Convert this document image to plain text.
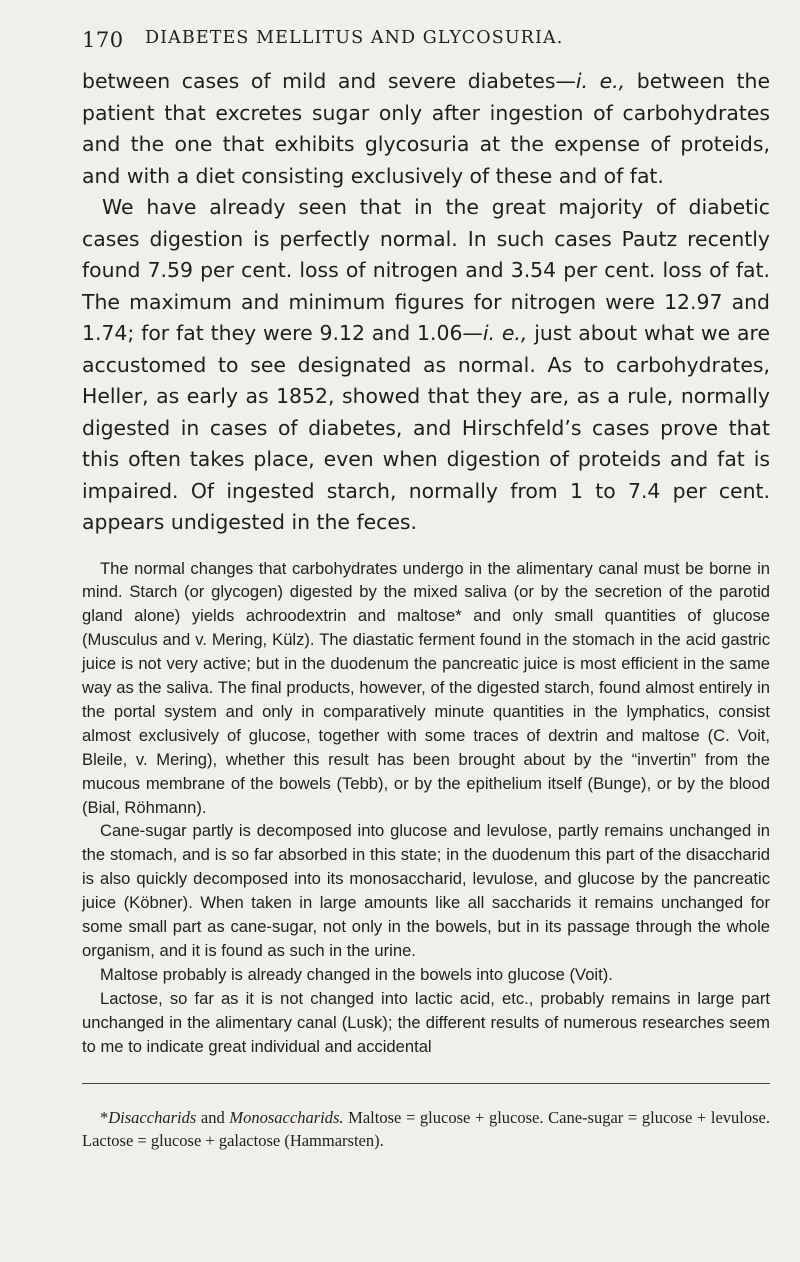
170 DIABETES MELLITUS AND GLYCOSURIA.

between cases of mild and severe diabetes—i. e., between the patient that excretes sugar only after ingestion of carbohydrates and the one that exhibits glycosuria at the expense of proteids, and with a diet consisting exclusively of these and of fat.

We have already seen that in the great majority of diabetic cases digestion is perfectly normal. In such cases Pautz recently found 7.59 per cent. loss of nitrogen and 3.54 per cent. loss of fat. The maximum and minimum figures for nitrogen were 12.97 and 1.74; for fat they were 9.12 and 1.06—i. e., just about what we are accustomed to see designated as normal. As to carbohydrates, Heller, as early as 1852, showed that they are, as a rule, normally digested in cases of diabetes, and Hirschfeld’s cases prove that this often takes place, even when digestion of proteids and fat is impaired. Of ingested starch, normally from 1 to 7.4 per cent. appears undigested in the feces.

The normal changes that carbohydrates undergo in the alimentary canal must be borne in mind. Starch (or glycogen) digested by the mixed saliva (or by the secretion of the parotid gland alone) yields achroodextrin and maltose* and only small quantities of glucose (Musculus and v. Mering, Külz). The diastatic ferment found in the stomach in the acid gastric juice is not very active; but in the duodenum the pancreatic juice is most efficient in the same way as the saliva. The final products, however, of the digested starch, found almost entirely in the portal system and only in comparatively minute quantities in the lymphatics, consist almost exclusively of glucose, together with some traces of dextrin and maltose (C. Voit, Bleile, v. Mering), whether this result has been brought about by the “invertin” from the mucous membrane of the bowels (Tebb), or by the epithelium itself (Bunge), or by the blood (Bial, Röhmann).

Cane-sugar partly is decomposed into glucose and levulose, partly remains unchanged in the stomach, and is so far absorbed in this state; in the duodenum this part of the disaccharid is also quickly decomposed into its monosaccharid, levulose, and glucose by the pancreatic juice (Köbner). When taken in large amounts like all saccharids it remains unchanged for some small part as cane-sugar, not only in the bowels, but in its passage through the whole organism, and it is found as such in the urine.

Maltose probably is already changed in the bowels into glucose (Voit).

Lactose, so far as it is not changed into lactic acid, etc., probably remains in large part unchanged in the alimentary canal (Lusk); the different results of numerous researches seem to me to indicate great individual and accidental

*Disaccharids and Monosaccharids. Maltose = glucose + glucose. Cane-sugar = glucose + levulose. Lactose = glucose + galactose (Hammarsten).
